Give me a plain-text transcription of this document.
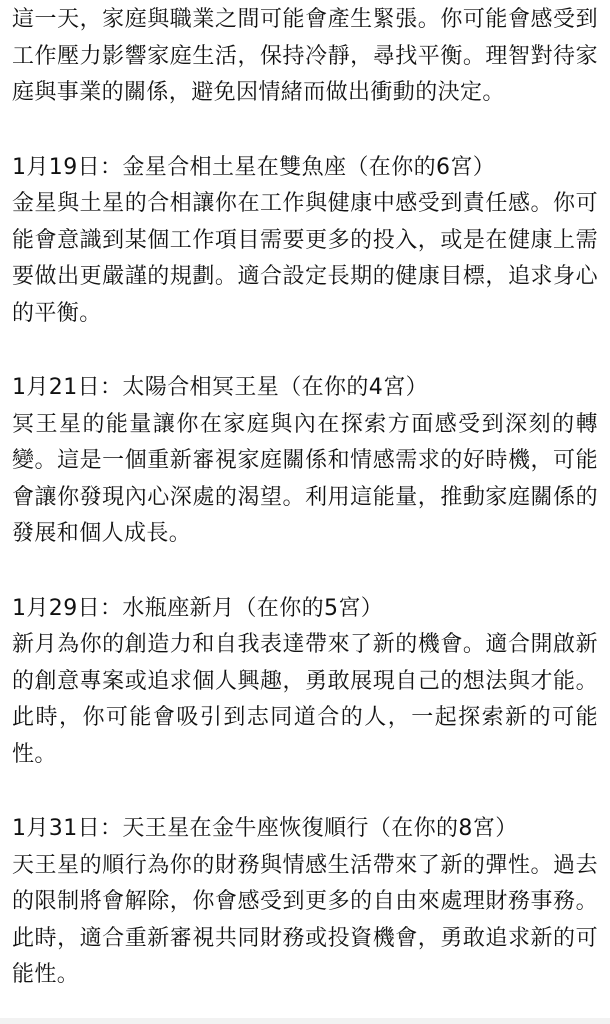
這一天，家庭與職業之間可能會產生緊張。你可能會感受到工作壓力影響家庭生活，保持冷靜，尋找平衡。理智對待家庭與事業的關係，避免因情緒而做出衝動的決定。

1月19日：金星合相土星在雙魚座（在你的6宮）

金星與土星的合相讓你在工作與健康中感受到責任感。你可能會意識到某個工作項目需要更多的投入，或是在健康上需要做出更嚴謹的規劃。適合設定長期的健康目標，追求身心的平衡。

1月21日：太陽合相冥王星（在你的4宮）

冥王星的能量讓你在家庭與內在探索方面感受到深刻的轉變。這是一個重新審視家庭關係和情感需求的好時機，可能會讓你發現內心深處的渴望。利用這能量，推動家庭關係的發展和個人成長。

1月29日：水瓶座新月（在你的5宮）

新月為你的創造力和自我表達帶來了新的機會。適合開啟新的創意專案或追求個人興趣，勇敢展現自己的想法與才能。此時，你可能會吸引到志同道合的人，一起探索新的可能性。

1月31日：天王星在金牛座恢復順行（在你的8宮）

天王星的順行為你的財務與情感生活帶來了新的彈性。過去的限制將會解除，你會感受到更多的自由來處理財務事務。此時，適合重新審視共同財務或投資機會，勇敢追求新的可能性。
